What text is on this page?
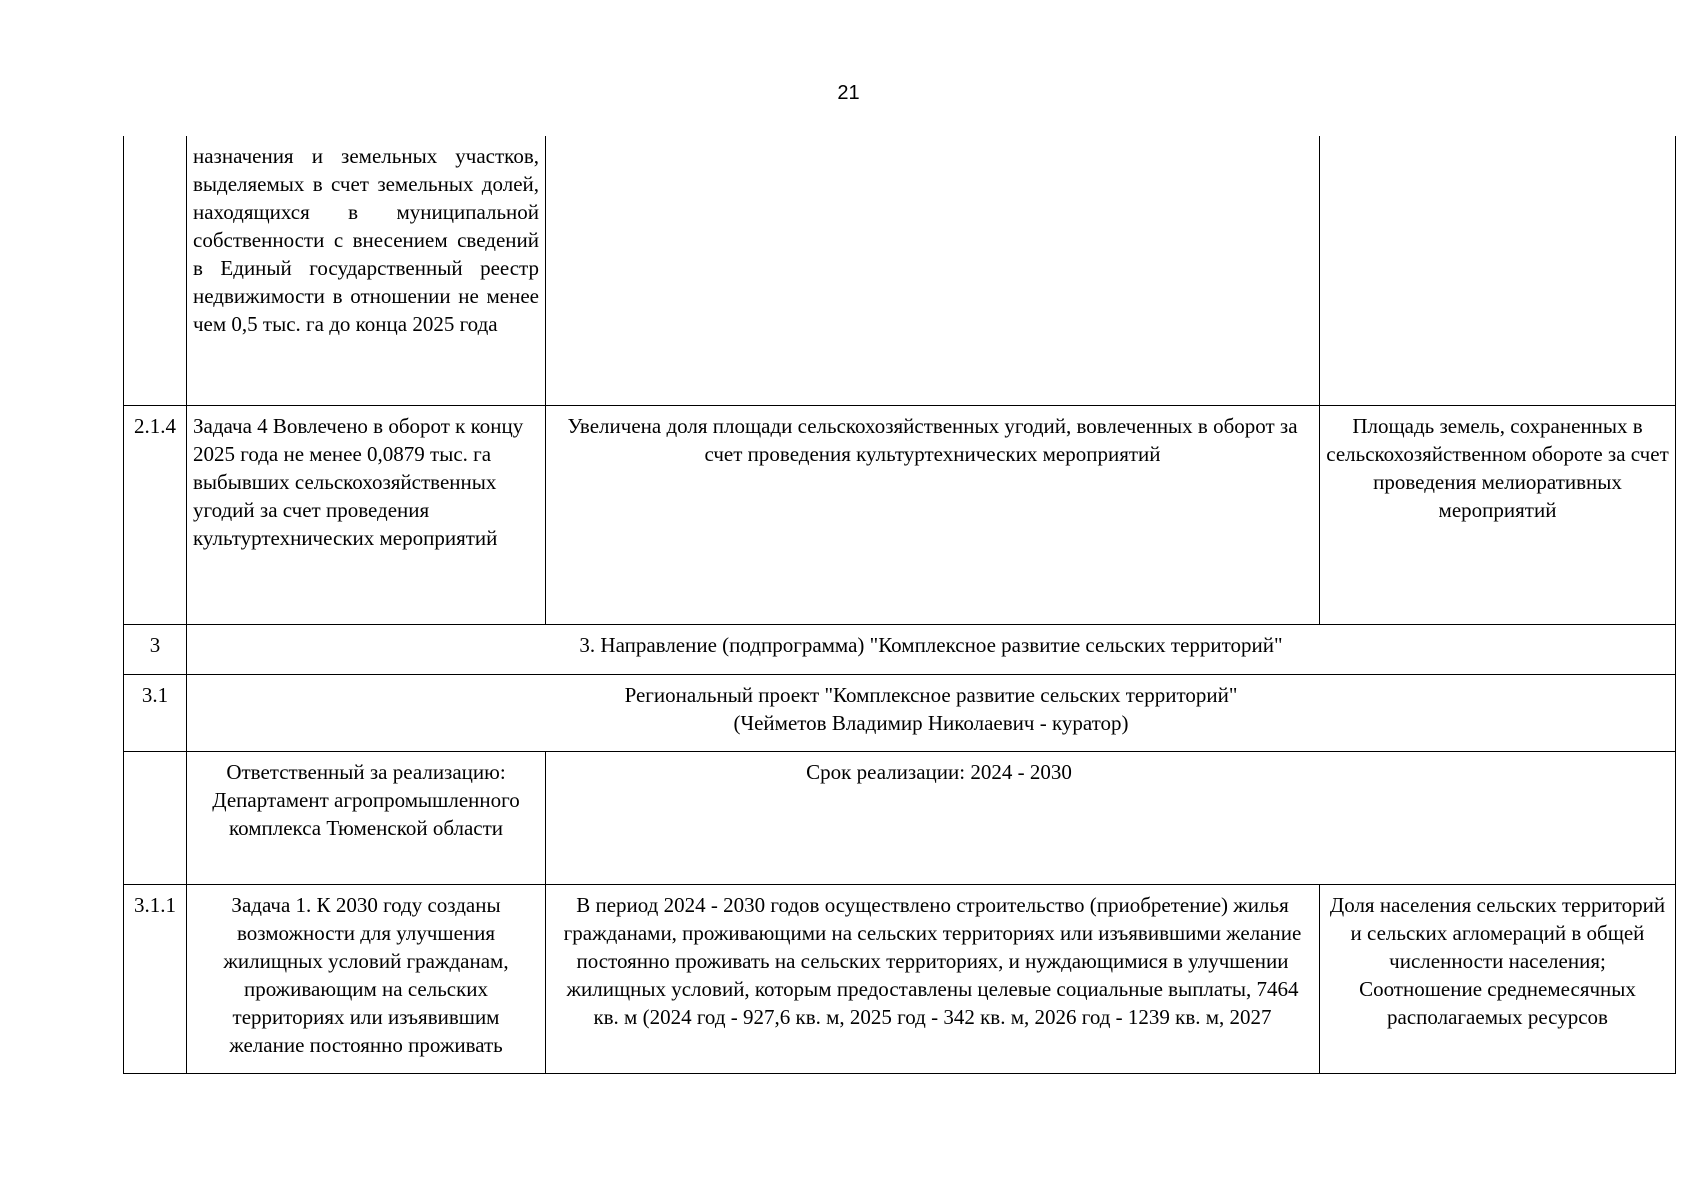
21
	назначения и земельных участков, выделяемых в счет земельных долей, находящихся в муниципальной собственности с внесением сведений в Единый государственный реестр недвижимости в отношении не менее чем 0,5 тыс. га до конца 2025 года		
2.1.4	Задача 4 Вовлечено в оборот к концу 2025 года не менее 0,0879 тыс. га выбывших сельскохозяйственных угодий за счет проведения культуртехнических мероприятий	Увеличена доля площади сельскохозяйственных угодий, вовлеченных в оборот за счет проведения культуртехнических мероприятий	Площадь земель, сохраненных в сельскохозяйственном обороте за счет проведения мелиоративных мероприятий
3	3. Направление (подпрограмма) "Комплексное развитие сельских территорий"		
3.1	Региональный проект "Комплексное развитие сельских территорий"
(Чейметов Владимир Николаевич - куратор)		

	Ответственный за реализацию: Департамент агропромышленного комплекса Тюменской области	Срок реализации: 2024 - 2030	

3.1.1	Задача 1. К 2030 году созданы возможности для улучшения жилищных условий гражданам, проживающим на сельских территориях или изъявившим желание постоянно проживать	В период 2024 - 2030 годов осуществлено строительство (приобретение) жилья гражданами, проживающими на сельских территориях или изъявившими желание постоянно проживать на сельских территориях, и нуждающимися в улучшении жилищных условий, которым предоставлены целевые социальные выплаты, 7464 кв. м (2024 год - 927,6 кв. м, 2025 год - 342 кв. м, 2026 год - 1239 кв. м, 2027	Доля населения сельских территорий и сельских агломераций в общей численности населения; Соотношение среднемесячных располагаемых ресурсов
